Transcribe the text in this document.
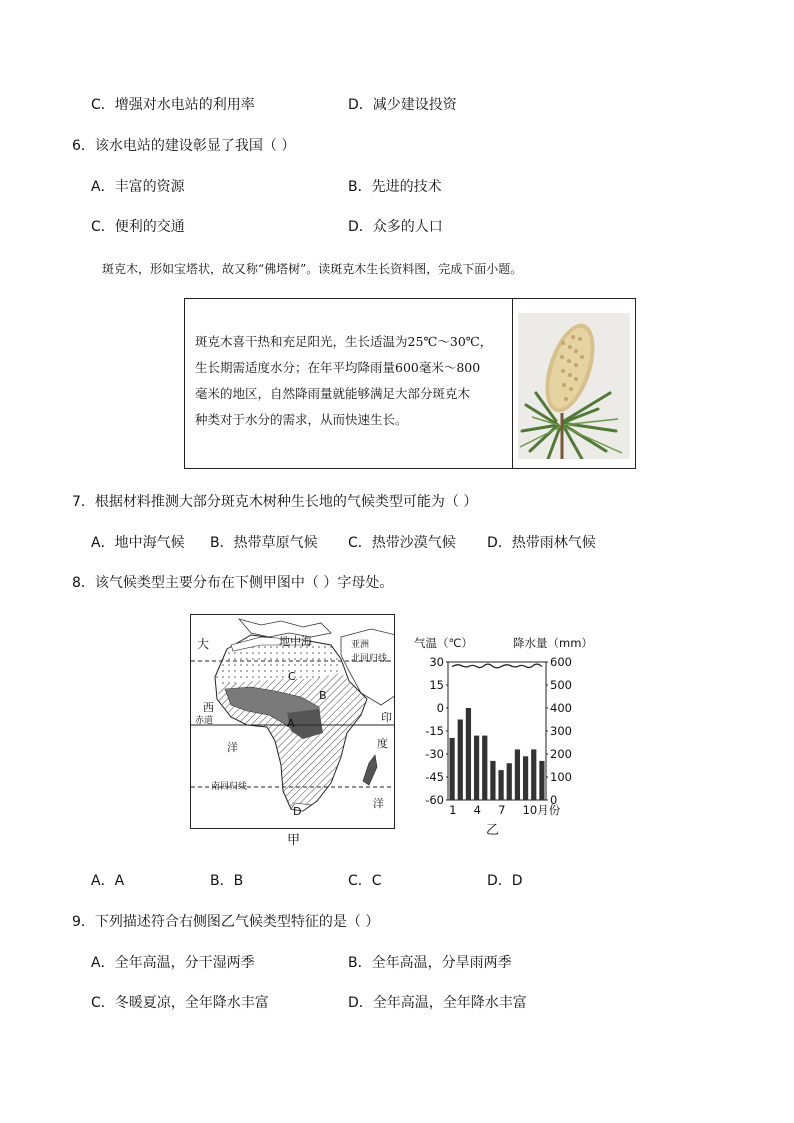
C．增强对水电站的利用率	D．减少建设投资
6．该水电站的建设彰显了我国（ ）
A．丰富的资源	B．先进的技术
C．便利的交通	D．众多的人口
斑克木，形如宝塔状，故又称“佛塔树”。读斑克木生长资料图，完成下面小题。
斑克木喜干热和充足阳光，生长适温为25℃～30℃，
生长期需适度水分；在年平均降雨量600毫米～800
毫米的地区，自然降雨量就能够满足大部分斑克木
种类对于水分的需求，从而快速生长。
7．根据材料推测大部分斑克木树种生长地的气候类型可能为（ ）
A．地中海气候 B．热带草原气候 C．热带沙漠气候 D．热带雨林气候
8．该气候类型主要分布在下侧甲图中（ ）字母处。
大	地中海	亚洲
北回归线
C
B
西
赤道	A	印
洋	度
洋
南回归线
D
甲
30
15
0
-15
-30
-45
-60
600
500
400
300
200
100
0
1 4 7 10月份
气温（℃）	降水量（mm）
乙
A．A	B．B	C．C	D．D
9．下列描述符合右侧图乙气候类型特征的是（ ）
A．全年高温，分干湿两季	B．全年高温，分旱雨两季
C．冬暖夏凉，全年降水丰富	D．全年高温，全年降水丰富
